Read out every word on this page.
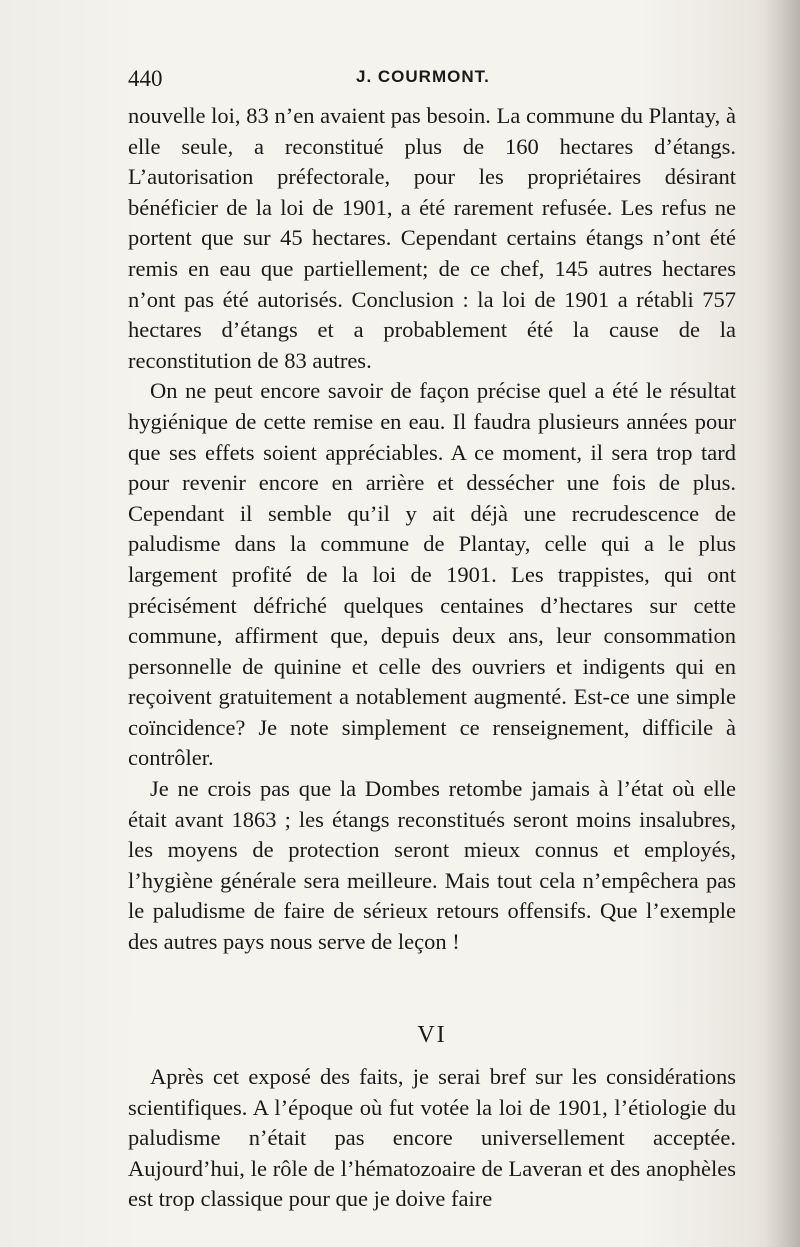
440	J. COURMONT.

nouvelle loi, 83 n’en avaient pas besoin. La commune du Plantay, à elle seule, a reconstitué plus de 160 hectares d’étangs. L’autorisation préfectorale, pour les propriétaires désirant bénéficier de la loi de 1901, a été rarement refusée. Les refus ne portent que sur 45 hectares. Cependant certains étangs n’ont été remis en eau que partiellement; de ce chef, 145 autres hectares n’ont pas été autorisés. Conclusion : la loi de 1901 a rétabli 757 hectares d’étangs et a probablement été la cause de la reconstitution de 83 autres.

On ne peut encore savoir de façon précise quel a été le résultat hygiénique de cette remise en eau. Il faudra plusieurs années pour que ses effets soient appréciables. A ce moment, il sera trop tard pour revenir encore en arrière et dessécher une fois de plus. Cependant il semble qu’il y ait déjà une recrudescence de paludisme dans la commune de Plantay, celle qui a le plus largement profité de la loi de 1901. Les trappistes, qui ont précisément défriché quelques centaines d’hectares sur cette commune, affirment que, depuis deux ans, leur consommation personnelle de quinine et celle des ouvriers et indigents qui en reçoivent gratuitement a notablement augmenté. Est-ce une simple coïncidence? Je note simplement ce renseignement, difficile à contrôler.

Je ne crois pas que la Dombes retombe jamais à l’état où elle était avant 1863 ; les étangs reconstitués seront moins insalubres, les moyens de protection seront mieux connus et employés, l’hygiène générale sera meilleure. Mais tout cela n’empêchera pas le paludisme de faire de sérieux retours offensifs. Que l’exemple des autres pays nous serve de leçon !

VI

Après cet exposé des faits, je serai bref sur les considérations scientifiques. A l’époque où fut votée la loi de 1901, l’étiologie du paludisme n’était pas encore universellement acceptée. Aujourd’hui, le rôle de l’hématozoaire de Laveran et des anophèles est trop classique pour que je doive faire
